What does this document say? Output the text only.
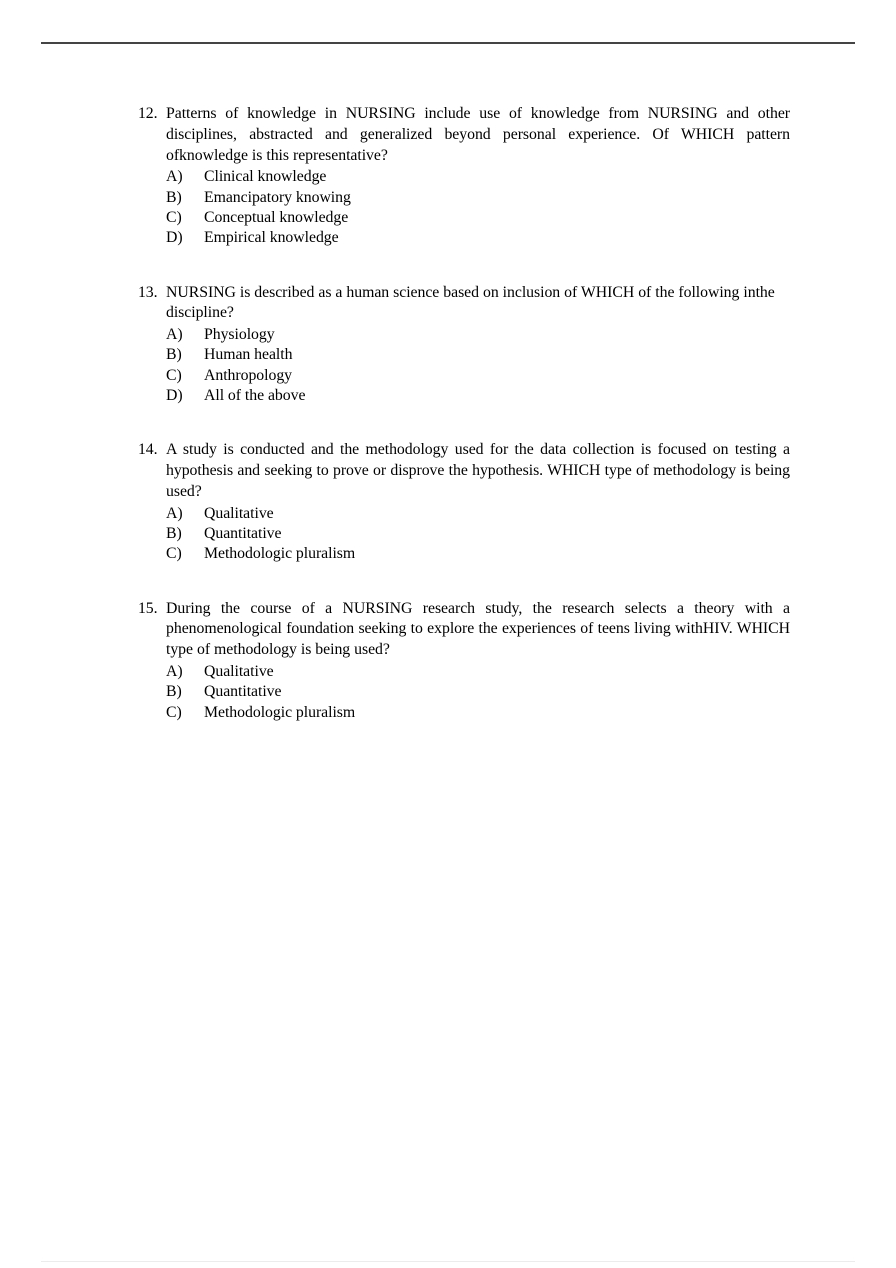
12. Patterns of knowledge in NURSING include use of knowledge from NURSING and other disciplines, abstracted and generalized beyond personal experience. Of WHICH pattern ofknowledge is this representative?
A)	Clinical knowledge
B)	Emancipatory knowing
C)	Conceptual knowledge
D)	Empirical knowledge
13. NURSING is described as a human science based on inclusion of WHICH of the following inthe discipline?
A)	Physiology
B)	Human health
C)	Anthropology
D)	All of the above
14. A study is conducted and the methodology used for the data collection is focused on testing a hypothesis and seeking to prove or disprove the hypothesis. WHICH type of methodology is being used?
A)	Qualitative
B)	Quantitative
C)	Methodologic pluralism
15. During the course of a NURSING research study, the research selects a theory with a phenomenological foundation seeking to explore the experiences of teens living withHIV. WHICH type of methodology is being used?
A)	Qualitative
B)	Quantitative
C)	Methodologic pluralism
